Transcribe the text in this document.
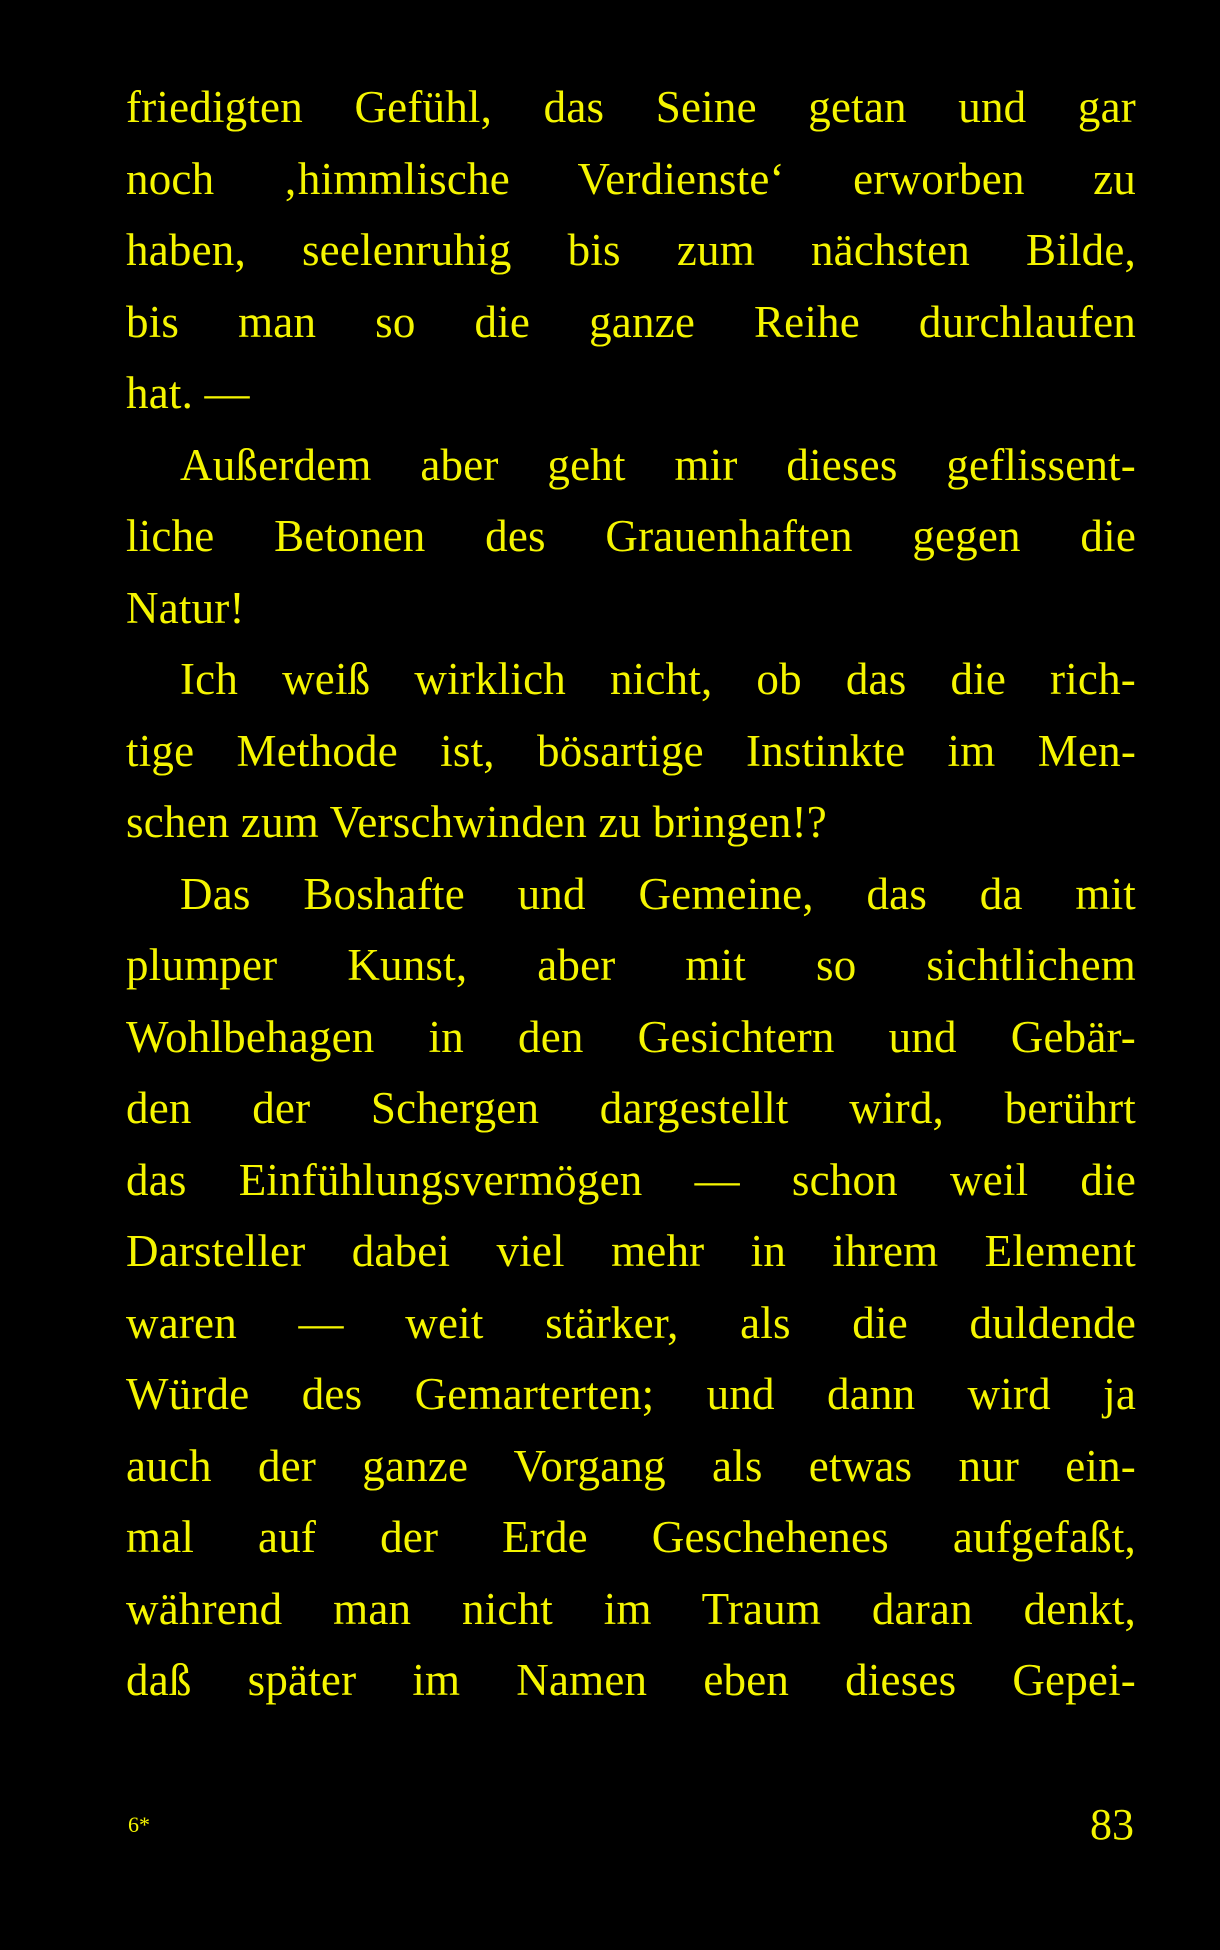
friedigten Gefühl, das Seine getan und gar
noch ‚himmlische Verdienste‘ erworben zu
haben, seelenruhig bis zum nächsten Bilde,
bis man so die ganze Reihe durchlaufen
hat. —
Außerdem aber geht mir dieses geflissent-
liche Betonen des Grauenhaften gegen die
Natur!
Ich weiß wirklich nicht, ob das die rich-
tige Methode ist, bösartige Instinkte im Men-
schen zum Verschwinden zu bringen!?
Das Boshafte und Gemeine, das da mit
plumper Kunst, aber mit so sichtlichem
Wohlbehagen in den Gesichtern und Gebär-
den der Schergen dargestellt wird, berührt
das Einfühlungsvermögen — schon weil die
Darsteller dabei viel mehr in ihrem Element
waren — weit stärker, als die duldende
Würde des Gemarterten; und dann wird ja
auch der ganze Vorgang als etwas nur ein-
mal auf der Erde Geschehenes aufgefaßt,
während man nicht im Traum daran denkt,
daß später im Namen eben dieses Gepei-
6*	83
